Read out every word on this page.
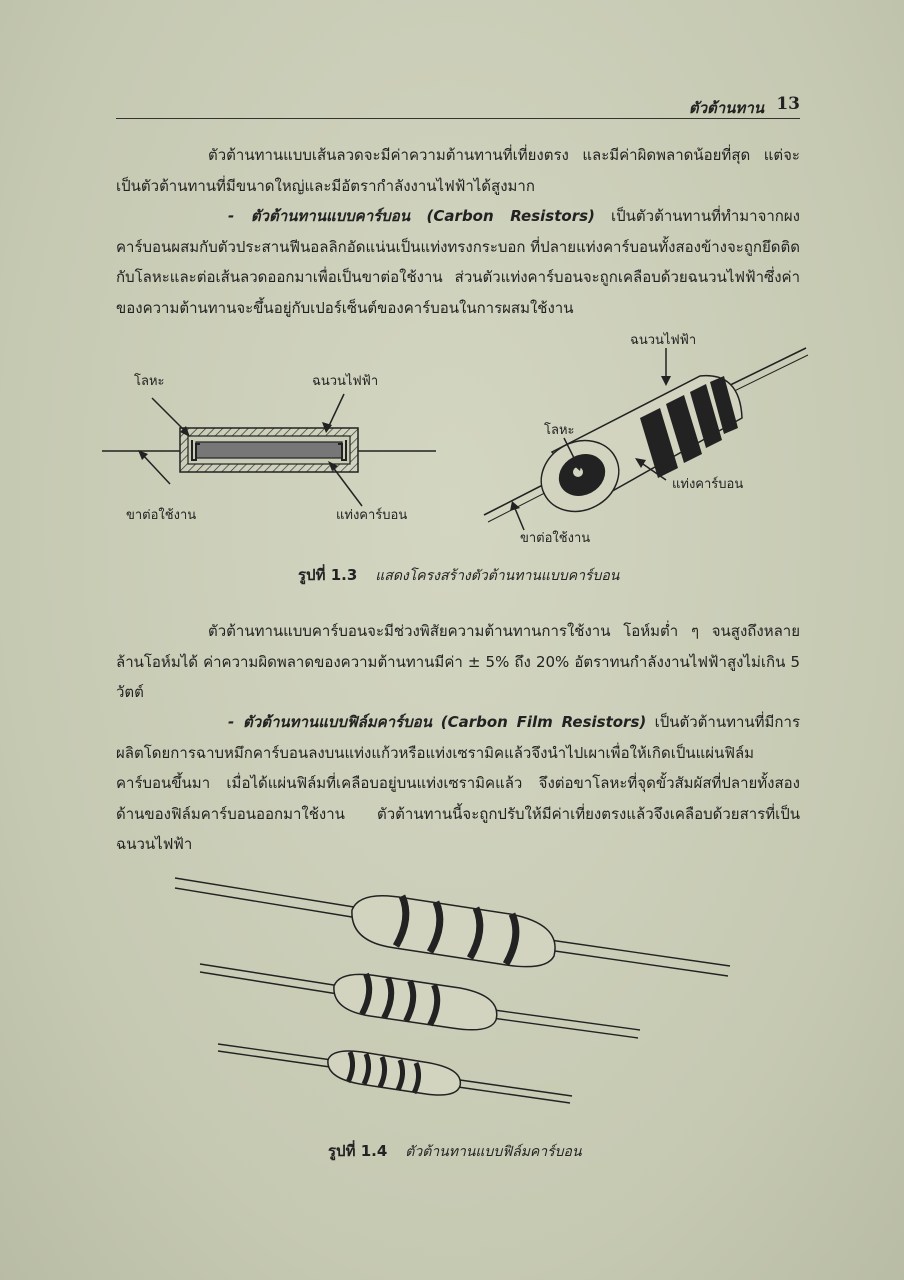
ตัวต้านทาน 13

ตัวต้านทานแบบเส้นลวดจะมีค่าความต้านทานที่เที่ยงตรง และมีค่าผิดพลาดน้อยที่สุด แต่จะเป็นตัวต้านทานที่มีขนาดใหญ่และมีอัตรากำลังงานไฟฟ้าได้สูงมาก

- ตัวต้านทานแบบคาร์บอน (Carbon Resistors) เป็นตัวต้านทานที่ทำมาจากผงคาร์บอนผสมกับตัวประสานฟีนอลลิกอัดแน่นเป็นแท่งทรงกระบอก ที่ปลายแท่งคาร์บอนทั้งสองข้างจะถูกยึดติดกับโลหะและต่อเส้นลวดออกมาเพื่อเป็นขาต่อใช้งาน ส่วนตัวแท่งคาร์บอนจะถูกเคลือบด้วยฉนวนไฟฟ้าซึ่งค่าของความต้านทานจะขึ้นอยู่กับเปอร์เซ็นต์ของคาร์บอนในการผสมใช้งาน

โลหะ	ฉนวนไฟฟ้า
ขาต่อใช้งาน	แท่งคาร์บอน
ฉนวนไฟฟ้า
โลหะ
แท่งคาร์บอน
ขาต่อใช้งาน
รูปที่ 1.3 แสดงโครงสร้างตัวต้านทานแบบคาร์บอน

ตัวต้านทานแบบคาร์บอนจะมีช่วงพิสัยความต้านทานการใช้งาน โอห์มต่ำ ๆ จนสูงถึงหลายล้านโอห์มได้ ค่าความผิดพลาดของความต้านทานมีค่า ± 5% ถึง 20% อัตราทนกำลังงานไฟฟ้าสูงไม่เกิน 5 วัตต์

- ตัวต้านทานแบบฟิล์มคาร์บอน (Carbon Film Resistors) เป็นตัวต้านทานที่มีการผลิตโดยการฉาบหมึกคาร์บอนลงบนแท่งแก้วหรือแท่งเซรามิคแล้วจึงนำไปเผาเพื่อให้เกิดเป็นแผ่นฟิล์มคาร์บอนขึ้นมา เมื่อได้แผ่นฟิล์มที่เคลือบอยู่บนแท่งเซรามิคแล้ว จึงต่อขาโลหะที่จุดขั้วสัมผัสที่ปลายทั้งสองด้านของฟิล์มคาร์บอนออกมาใช้งาน ตัวต้านทานนี้จะถูกปรับให้มีค่าเที่ยงตรงแล้วจึงเคลือบด้วยสารที่เป็นฉนวนไฟฟ้า

รูปที่ 1.4 ตัวต้านทานแบบฟิล์มคาร์บอน
